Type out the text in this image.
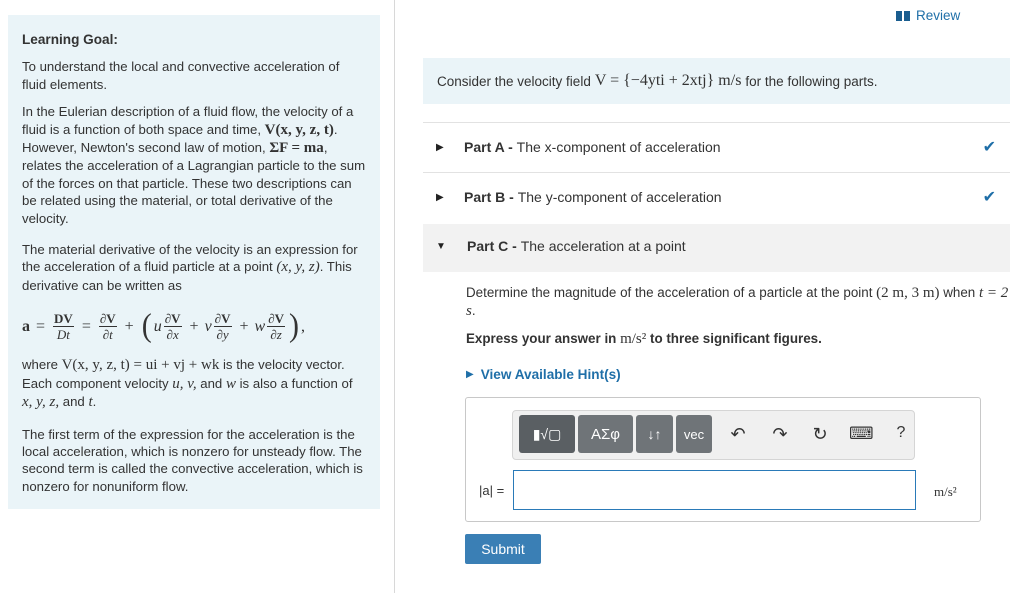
Learning Goal:

To understand the local and convective acceleration of fluid elements.

In the Eulerian description of a fluid flow, the velocity of a fluid is a function of both space and time, V(x, y, z, t). However, Newton's second law of motion, ΣF = ma, relates the acceleration of a Lagrangian particle to the sum of the forces on that particle. These two descriptions can be related using the material, or total derivative of the velocity.

The material derivative of the velocity is an expression for the acceleration of a fluid particle at a point (x, y, z). This derivative can be written as

$a = \frac{DV}{Dt} = \frac{\partial V}{\partial t}$ + ( u $\frac{\partial V}{\partial x} + v \frac{\partial V}{\partial y} + w \frac{\partial V}{\partial z}$ ) ,

where V(x, y, z, t) = ui + vj + wk is the velocity vector. Each component velocity u, v, and w is also a function of x, y, z, and t.

The first term of the expression for the acceleration is the local acceleration, which is nonzero for unsteady flow. The second term is called the convective acceleration, which is nonzero for nonuniform flow.

Review
Consider the velocity field V = {−4yti + 2xtj} m/s for the following parts.
▶	Part A -
The x-component of acceleration	✔
▶	Part B -
The y-component of acceleration	✔
▼ Part C -
The acceleration at a point
Determine the magnitude of the acceleration of a particle at the point (2 m, 3 m) when t = 2 s.
Express your answer in m/s² to three significant figures.
▶ View Available Hint(s)
▮√▢	ΑΣφ	↓↑	vec	↶ ↷ ↻ ⌨	?
|a| =	m/s²
Submit
